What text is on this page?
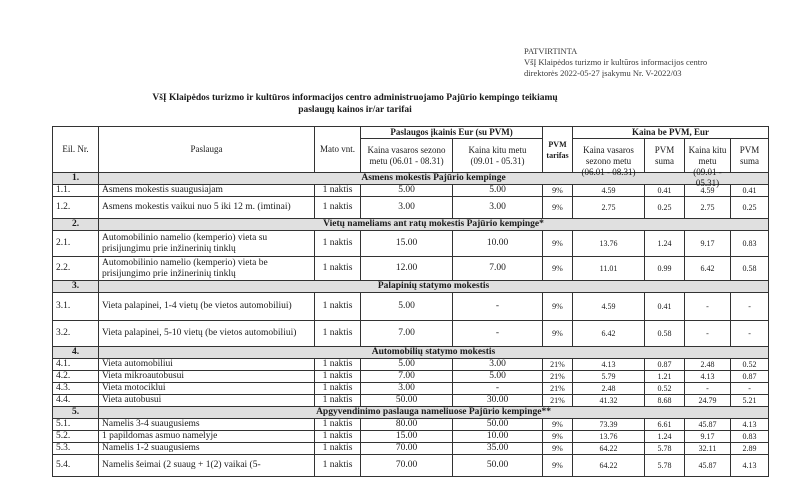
PATVIRTINTA
VšĮ Klaipėdos turizmo ir kultūros informacijos centro
direktorės 2022-05-27 įsakymu Nr. V-2022/03
VšĮ Klaipėdos turizmo ir kultūros informacijos centro administruojamo Pajūrio kempingo teikiamų
paslaugų kainos ir/ar tarifai
Eil. Nr.	Paslauga	Mato vnt.	Paslaugos įkainis Eur (su PVM)		PVM tarifas	Kaina be PVM, Eur			

			Kaina vasaros sezono metu (06.01 - 08.31)	Kaina kitu metu (09.01 - 05.31)		Kaina vasaros sezono metu (06.01 - 08.31)	PVM suma	Kaina kitu metu (09.01 - 05.31)	PVM suma

1.	Asmens mokestis Pajūrio kempinge								
1.1.	Asmens mokestis suaugusiajam	1 naktis	5.00	5.00	9%	4.59	0.41	4.59	0.41
1.2.	Asmens mokestis vaikui nuo 5 iki 12 m. (imtinai)	1 naktis	3.00	3.00	9%	2.75	0.25	2.75	0.25
2.	Vietų nameliams ant ratų mokestis Pajūrio kempinge*								
2.1.	Automobilinio namelio (kemperio) vieta su prisijungimu prie inžinerinių tinklų	1 naktis	15.00	10.00	9%	13.76	1.24	9.17	0.83
2.2.	Automobilinio namelio (kemperio) vieta be prisijungimo prie inžinerinių tinklų	1 naktis	12.00	7.00	9%	11.01	0.99	6.42	0.58
3.	Palapinių statymo mokestis								
3.1.	Vieta palapinei, 1-4 vietų (be vietos automobiliui)	1 naktis	5.00	-	9%	4.59	0.41	-	-
3.2.	Vieta palapinei, 5-10 vietų (be vietos automobiliui)	1 naktis	7.00	-	9%	6.42	0.58	-	-
4.	Automobilių statymo mokestis								
4.1.	Vieta automobiliui	1 naktis	5.00	3.00	21%	4.13	0.87	2.48	0.52
4.2.	Vieta mikroautobusui	1 naktis	7.00	5.00	21%	5.79	1.21	4.13	0.87
4.3.	Vieta motociklui	1 naktis	3.00	-	21%	2.48	0.52	-	-
4.4.	Vieta autobusui	1 naktis	50.00	30.00	21%	41.32	8.68	24.79	5.21
5.	Apgyvendinimo paslauga nameliuose Pajūrio kempinge**								
5.1.	Namelis 3-4 suaugusiems	1 naktis	80.00	50.00	9%	73.39	6.61	45.87	4.13
5.2.	1 papildomas asmuo namelyje	1 naktis	15.00	10.00	9%	13.76	1.24	9.17	0.83
5.3.	Namelis 1-2 suaugusiems	1 naktis	70.00	35.00	9%	64.22	5.78	32.11	2.89
5.4.	Namelis šeimai (2 suaug + 1(2) vaikai (5-	1 naktis	70.00	50.00	9%	64.22	5.78	45.87	4.13
